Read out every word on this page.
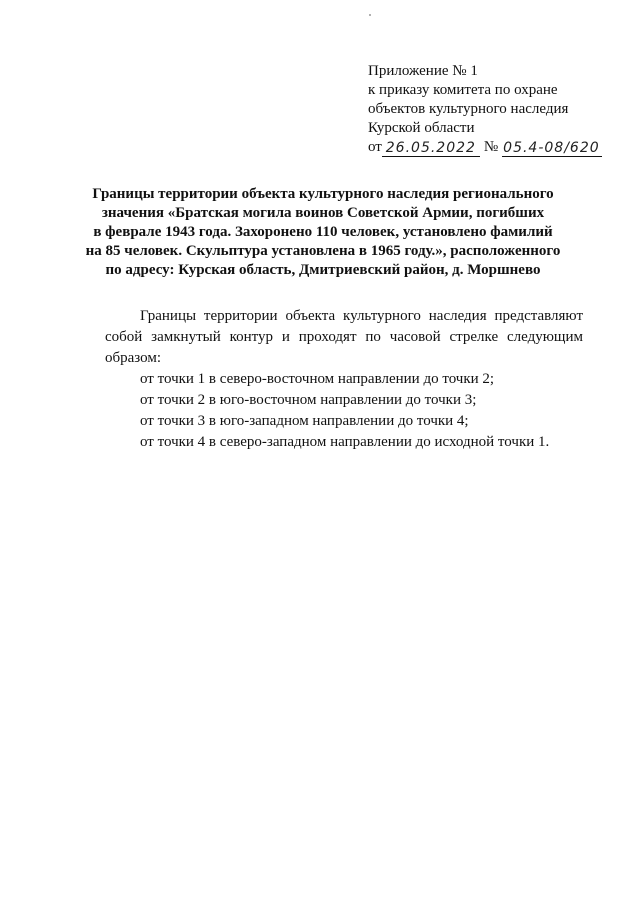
Приложение № 1
к приказу комитета по охране
объектов культурного наследия
Курской области
от 26.05.2022 № 05.4-08/620
Границы территории объекта культурного наследия регионального
значения «Братская могила воинов Советской Армии, погибших
в феврале 1943 года. Захоронено 110 человек, установлено фамилий
на 85 человек. Скульптура установлена в 1965 году.», расположенного
по адресу: Курская область, Дмитриевский район, д. Моршнево
Границы территории объекта культурного наследия представляют
собой замкнутый контур и проходят по часовой стрелке следующим
образом:
от точки 1 в северо-восточном направлении до точки 2;
от точки 2 в юго-восточном направлении до точки 3;
от точки 3 в юго-западном направлении до точки 4;
от точки 4 в северо-западном направлении до исходной точки 1.
